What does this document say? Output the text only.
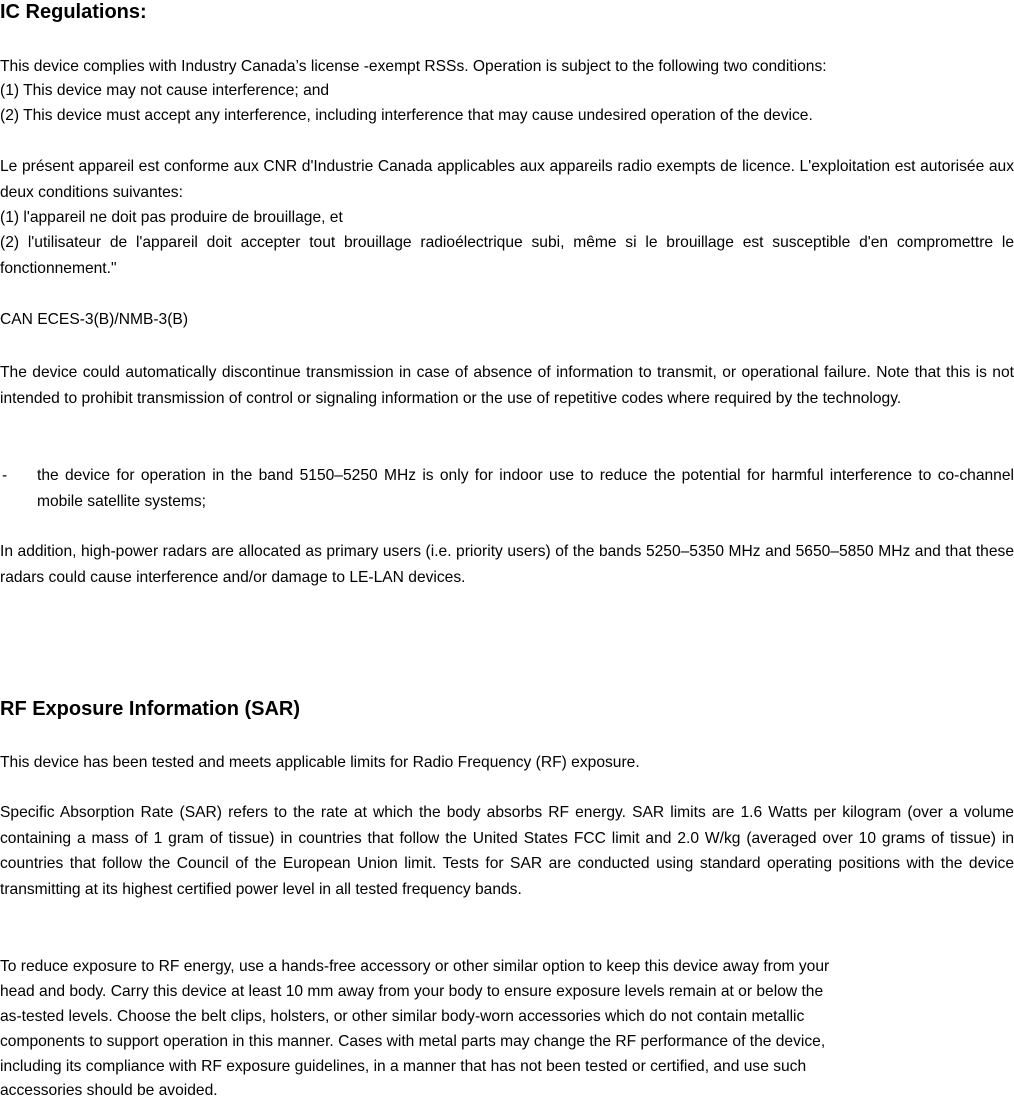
IC Regulations:

This device complies with Industry Canada’s license -exempt RSSs. Operation is subject to the following two conditions:

(1) This device may not cause interference; and

(2) This device must accept any interference, including interference that may cause undesired operation of the device.

Le présent appareil est conforme aux CNR d'Industrie Canada applicables aux appareils radio exempts de licence. L'exploitation est autorisée aux deux conditions suivantes:

(1) l'appareil ne doit pas produire de brouillage, et

(2) l'utilisateur de l'appareil doit accepter tout brouillage radioélectrique subi, même si le brouillage est susceptible d'en compromettre le fonctionnement."

CAN ECES-3(B)/NMB-3(B)

The device could automatically discontinue transmission in case of absence of information to transmit, or operational failure. Note that this is not intended to prohibit transmission of control or signaling information or the use of repetitive codes where required by the technology.

- the device for operation in the band 5150–5250 MHz is only for indoor use to reduce the potential for harmful interference to co-channel mobile satellite systems;

In addition, high-power radars are allocated as primary users (i.e. priority users) of the bands 5250–5350 MHz and 5650–5850 MHz and that these radars could cause interference and/or damage to LE-LAN devices.

RF Exposure Information (SAR)

This device has been tested and meets applicable limits for Radio Frequency (RF) exposure.

Specific Absorption Rate (SAR) refers to the rate at which the body absorbs RF energy. SAR limits are 1.6 Watts per kilogram (over a volume containing a mass of 1 gram of tissue) in countries that follow the United States FCC limit and 2.0 W/kg (averaged over 10 grams of tissue) in countries that follow the Council of the European Union limit. Tests for SAR are conducted using standard operating positions with the device transmitting at its highest certified power level in all tested frequency bands.

To reduce exposure to RF energy, use a hands-free accessory or other similar option to keep this device away from your

head and body. Carry this device at least 10 mm away from your body to ensure exposure levels remain at or below the

as-tested levels. Choose the belt clips, holsters, or other similar body-worn accessories which do not contain metallic

components to support operation in this manner. Cases with metal parts may change the RF performance of the device,

including its compliance with RF exposure guidelines, in a manner that has not been tested or certified, and use such

accessories should be avoided.
